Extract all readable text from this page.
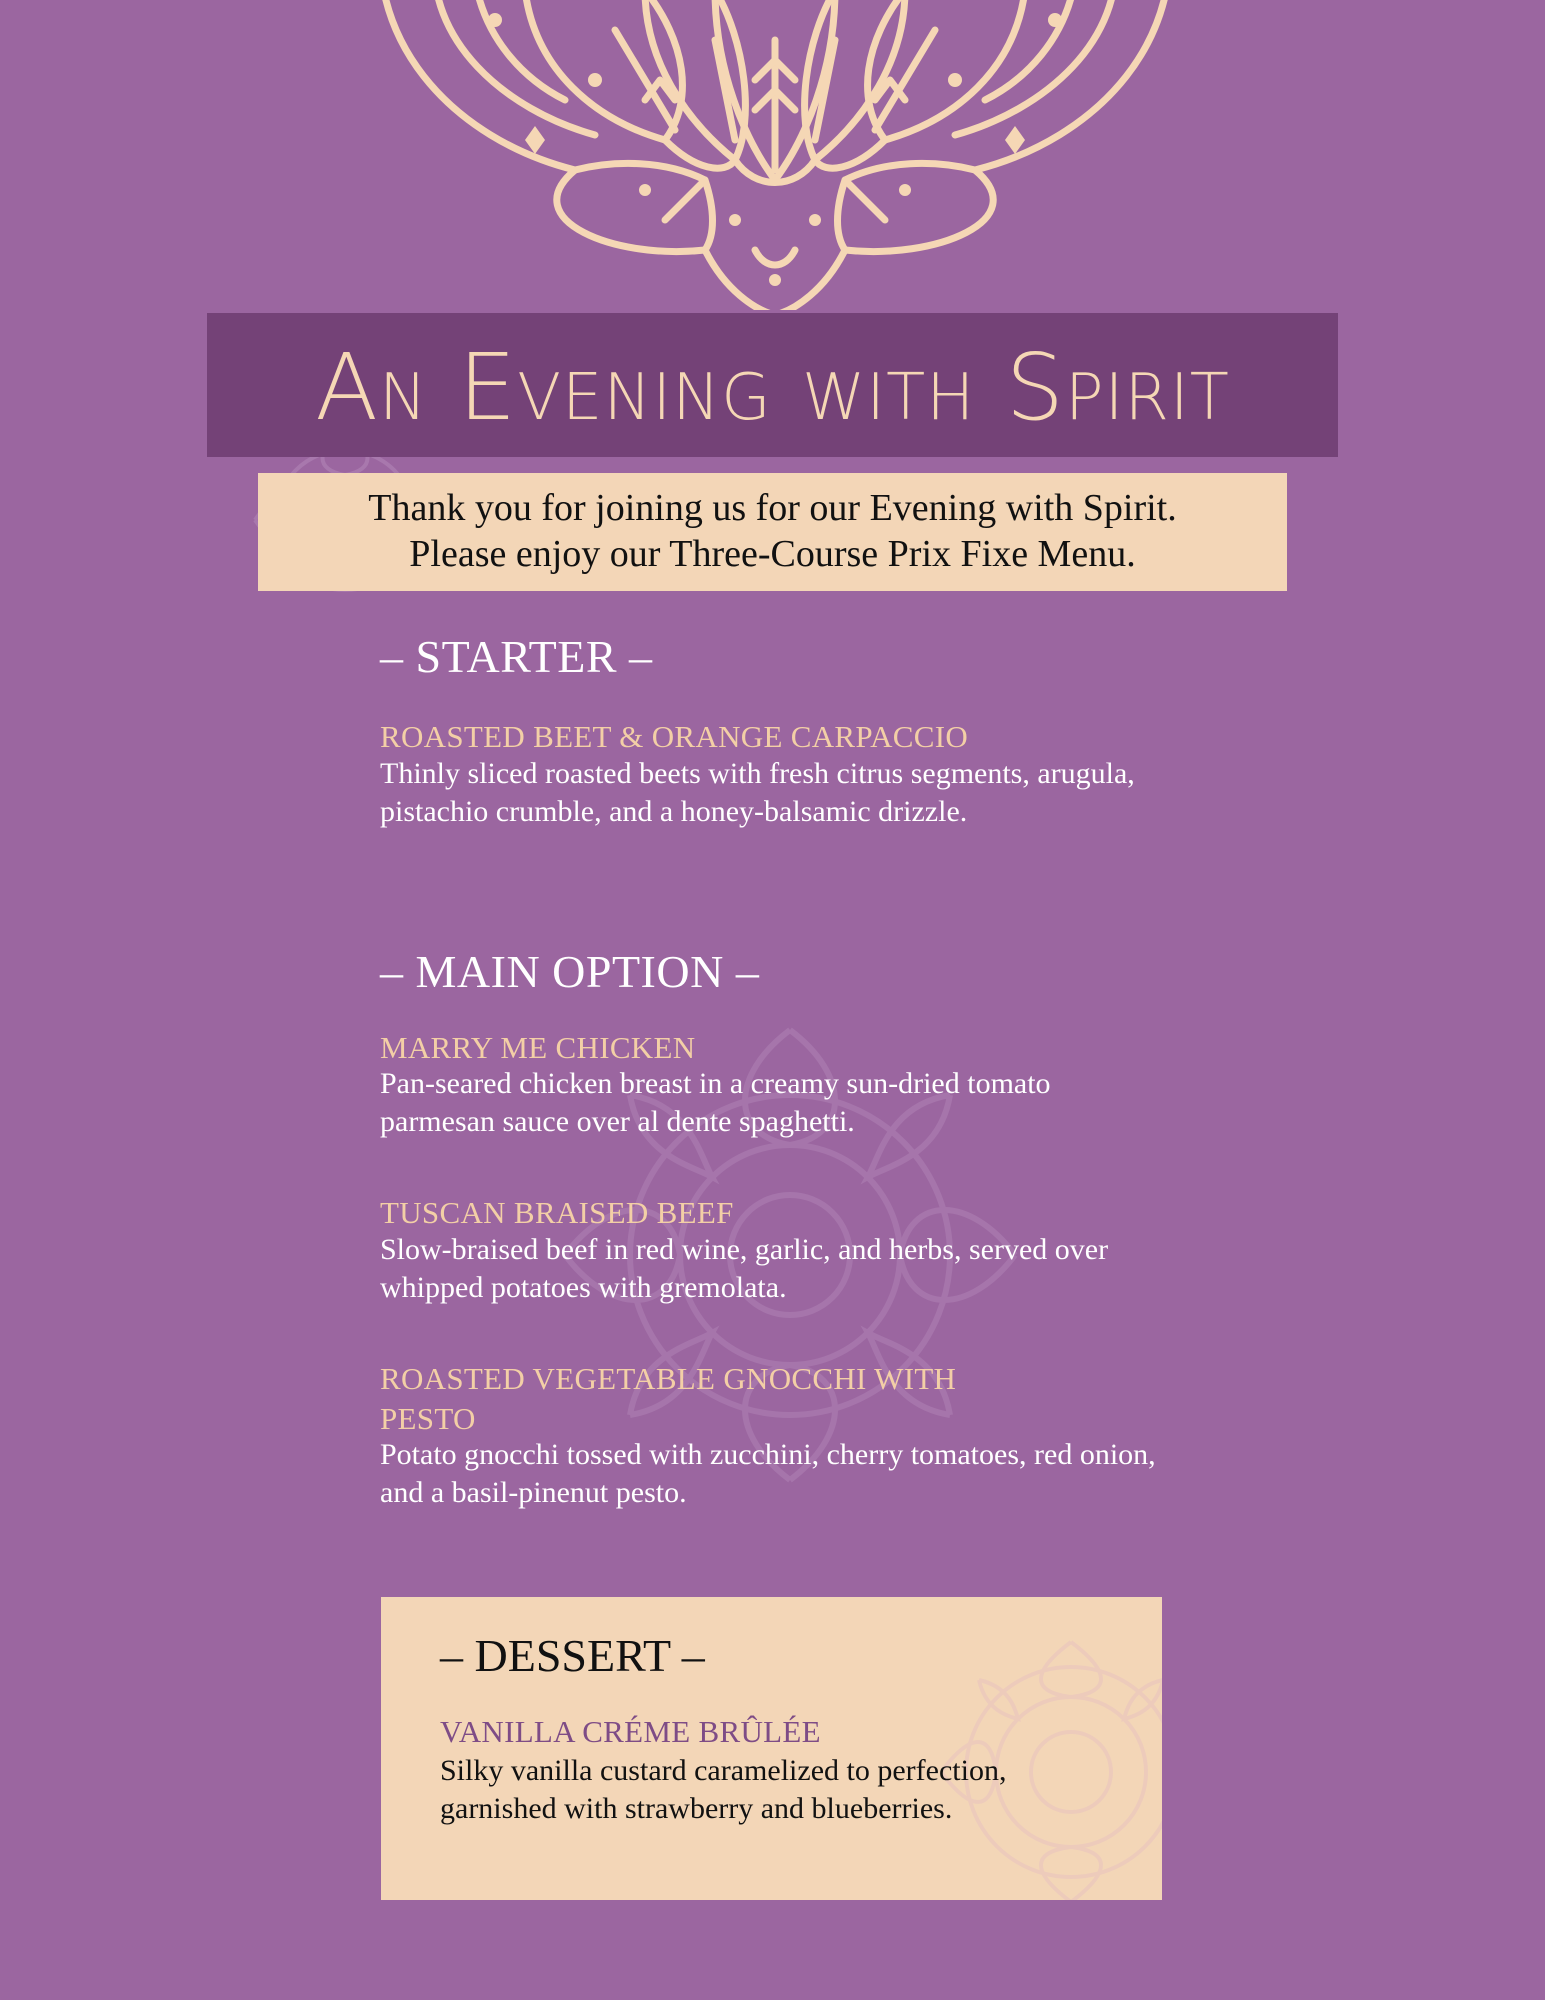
An Evening with Spirit
Thank you for joining us for our Evening with Spirit.
Please enjoy our Three-Course Prix Fixe Menu.
– STARTER –
ROASTED BEET & ORANGE CARPACCIO
Thinly sliced roasted beets with fresh citrus segments, arugula, pistachio crumble, and a honey-balsamic drizzle.
– MAIN OPTION –
MARRY ME CHICKEN
Pan-seared chicken breast in a creamy sun-dried tomato parmesan sauce over al dente spaghetti.
TUSCAN BRAISED BEEF
Slow-braised beef in red wine, garlic, and herbs, served over whipped potatoes with gremolata.
ROASTED VEGETABLE GNOCCHI WITH PESTO
Potato gnocchi tossed with zucchini, cherry tomatoes, red onion, and a basil-pinenut pesto.
– DESSERT –
VANILLA CRÉME BRÛLÉE
Silky vanilla custard caramelized to perfection, garnished with strawberry and blueberries.
